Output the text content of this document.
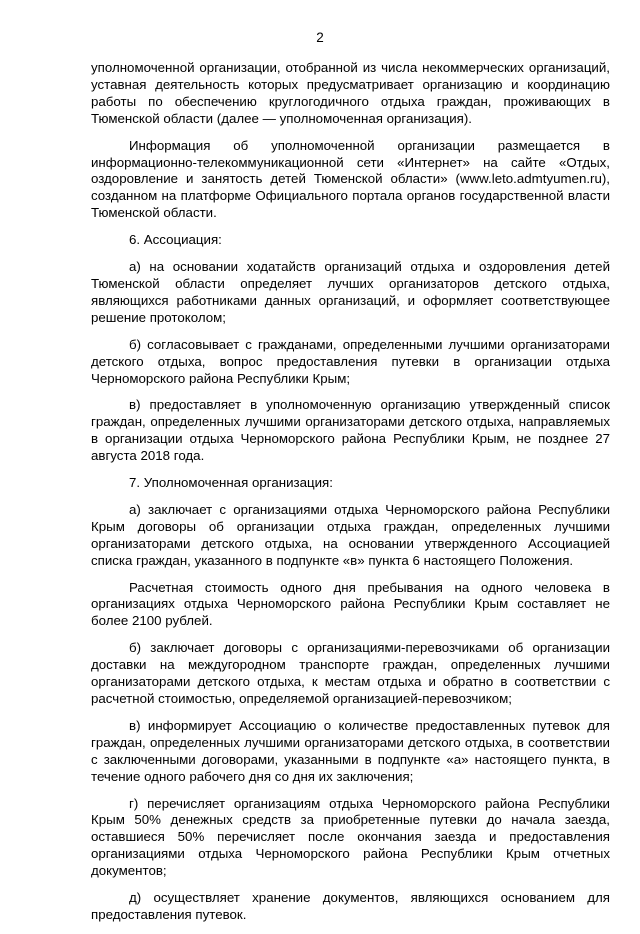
2

уполномоченной организации, отобранной из числа некоммерческих организаций, уставная деятельность которых предусматривает организацию и координацию работы по обеспечению круглогодичного отдыха граждан, проживающих в Тюменской области (далее — уполномоченная организация).

Информация об уполномоченной организации размещается в информационно-телекоммуникационной сети «Интернет» на сайте «Отдых, оздоровление и занятость детей Тюменской области» (www.leto.admtyumen.ru), созданном на платформе Официального портала органов государственной власти Тюменской области.

6. Ассоциация:

а) на основании ходатайств организаций отдыха и оздоровления детей Тюменской области определяет лучших организаторов детского отдыха, являющихся работниками данных организаций, и оформляет соответствующее решение протоколом;

б) согласовывает с гражданами, определенными лучшими организаторами детского отдыха, вопрос предоставления путевки в организации отдыха Черноморского района Республики Крым;

в) предоставляет в уполномоченную организацию утвержденный список граждан, определенных лучшими организаторами детского отдыха, направляемых в организации отдыха Черноморского района Республики Крым, не позднее 27 августа 2018 года.

7. Уполномоченная организация:

а) заключает с организациями отдыха Черноморского района Республики Крым договоры об организации отдыха граждан, определенных лучшими организаторами детского отдыха, на основании утвержденного Ассоциацией списка граждан, указанного в подпункте «в» пункта 6 настоящего Положения.

Расчетная стоимость одного дня пребывания на одного человека в организациях отдыха Черноморского района Республики Крым составляет не более 2100 рублей.

б) заключает договоры с организациями-перевозчиками об организации доставки на междугородном транспорте граждан, определенных лучшими организаторами детского отдыха, к местам отдыха и обратно в соответствии с расчетной стоимостью, определяемой организацией-перевозчиком;

в) информирует Ассоциацию о количестве предоставленных путевок для граждан, определенных лучшими организаторами детского отдыха, в соответствии с заключенными договорами, указанными в подпункте «а» настоящего пункта, в течение одного рабочего дня со дня их заключения;

г) перечисляет организациям отдыха Черноморского района Республики Крым 50% денежных средств за приобретенные путевки до начала заезда, оставшиеся 50% перечисляет после окончания заезда и предоставления организациями отдыха Черноморского района Республики Крым отчетных документов;

д) осуществляет хранение документов, являющихся основанием для предоставления путевок.
